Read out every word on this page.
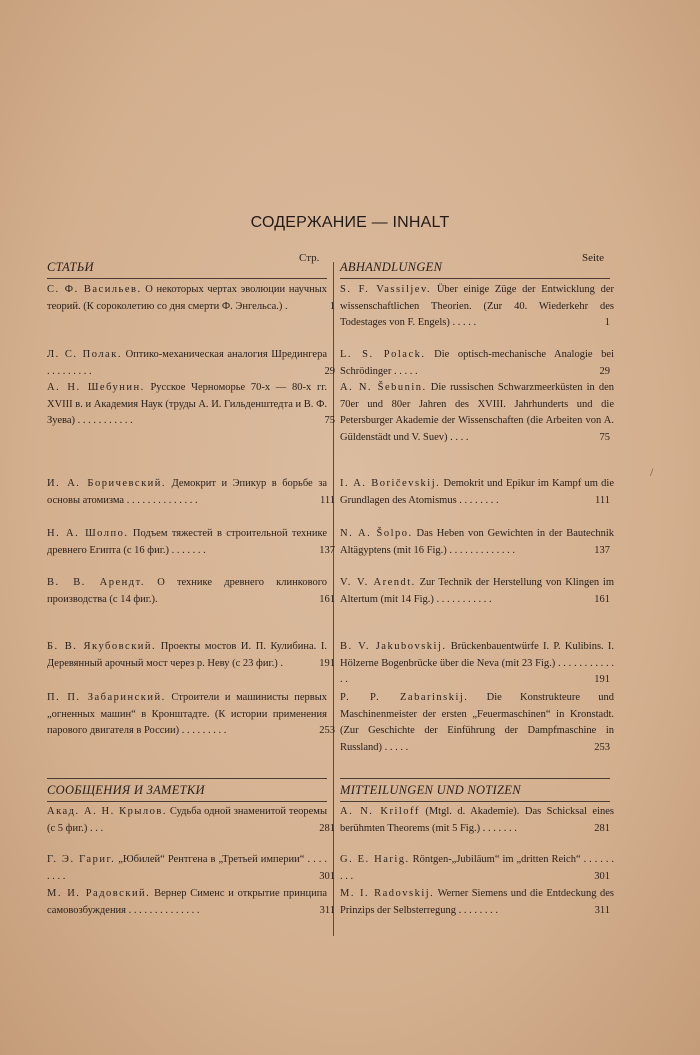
СОДЕРЖАНИЕ — INHALT
Стр.	Seite
СТАТЬИ
С. Ф. Васильев. О некоторых чертах эволюции научных теорий. (К сороколетию со дня смерти Ф. Энгельса.) .	1
Л. С. Полак. Оптико-механическая аналогия Шредингера . . . . . . . . .	29
А. Н. Шебунин. Русское Черноморье 70-х — 80-х гг. XVIII в. и Академия Наук (труды А. И. Гильденштедта и В. Ф. Зуева) . . . . . . . . . . .	75
И. А. Боричевский. Демокрит и Эпикур в борьбе за основы атомизма . . . . . . . . . . . . . .	111
Н. А. Шолпо. Подъем тяжестей в строительной технике древнего Египта (с 16 фиг.) . . . . . . .	137
В. В. Арендт. О технике древнего клинкового производства (с 14 фиг.).	161
Б. В. Якубовский. Проекты мостов И. П. Кулибина. I. Деревянный арочный мост через р. Неву (с 23 фиг.) .	191
П. П. Забаринский. Строители и машинисты первых „огненных машин“ в Кронштадте. (К истории применения парового двигателя в России) . . . . . . . . .	253
СООБЩЕНИЯ И ЗАМЕТКИ
Акад. А. Н. Крылов. Судьба одной знаменитой теоремы (с 5 фиг.) . . .	281
Г. Э. Гариг. „Юбилей“ Рентгена в „Третьей империи“ . . . . . . . .	301
М. И. Радовский. Вернер Сименс и открытие принципа самовозбуждения . . . . . . . . . . . . . .	311
ABHANDLUNGEN
S. F. Vassiljev. Über einige Züge der Entwicklung der wissenschaftlichen Theorien. (Zur 40. Wiederkehr des Todestages von F. Engels) . . . . .	1
L. S. Polack. Die optisch-mechanische Analogie bei Schrödinger . . . . .	29
A. N. Šebunin. Die russischen Schwarzmeerküsten in den 70er und 80er Jahren des XVIII. Jahrhunderts und die Petersburger Akademie der Wissenschaften (die Arbeiten von A. Güldenstädt und V. Suev) . . . .	75
I. A. Boričevskij. Demokrit und Epikur im Kampf um die Grundlagen des Atomismus . . . . . . . .	111
N. A. Šolpo. Das Heben von Gewichten in der Bautechnik Altägyptens (mit 16 Fig.) . . . . . . . . . . . . .	137
V. V. Arendt. Zur Technik der Herstellung von Klingen im Altertum (mit 14 Fig.) . . . . . . . . . . .	161
B. V. Jakubovskij. Brückenbauentwürfe I. P. Kulibins. I. Hölzerne Bogenbrücke über die Neva (mit 23 Fig.) . . . . . . . . . . . . .	191
P. P. Zabarinskij. Die Konstrukteure und Maschinenmeister der ersten „Feuermaschinen“ in Kronstadt. (Zur Geschichte der Einführung der Dampfmaschine in Russland) . . . . .	253
MITTEILUNGEN UND NOTIZEN
A. N. Kriloff (Mtgl. d. Akademie). Das Schicksal eines berühmten Theorems (mit 5 Fig.) . . . . . . .	281
G. E. Harig. Röntgen-„Jubiläum“ im „dritten Reich“ . . . . . . . . .	301
M. I. Radovskij. Werner Siemens und die Entdeckung des Prinzips der Selbsterregung . . . . . . . .	311
/
